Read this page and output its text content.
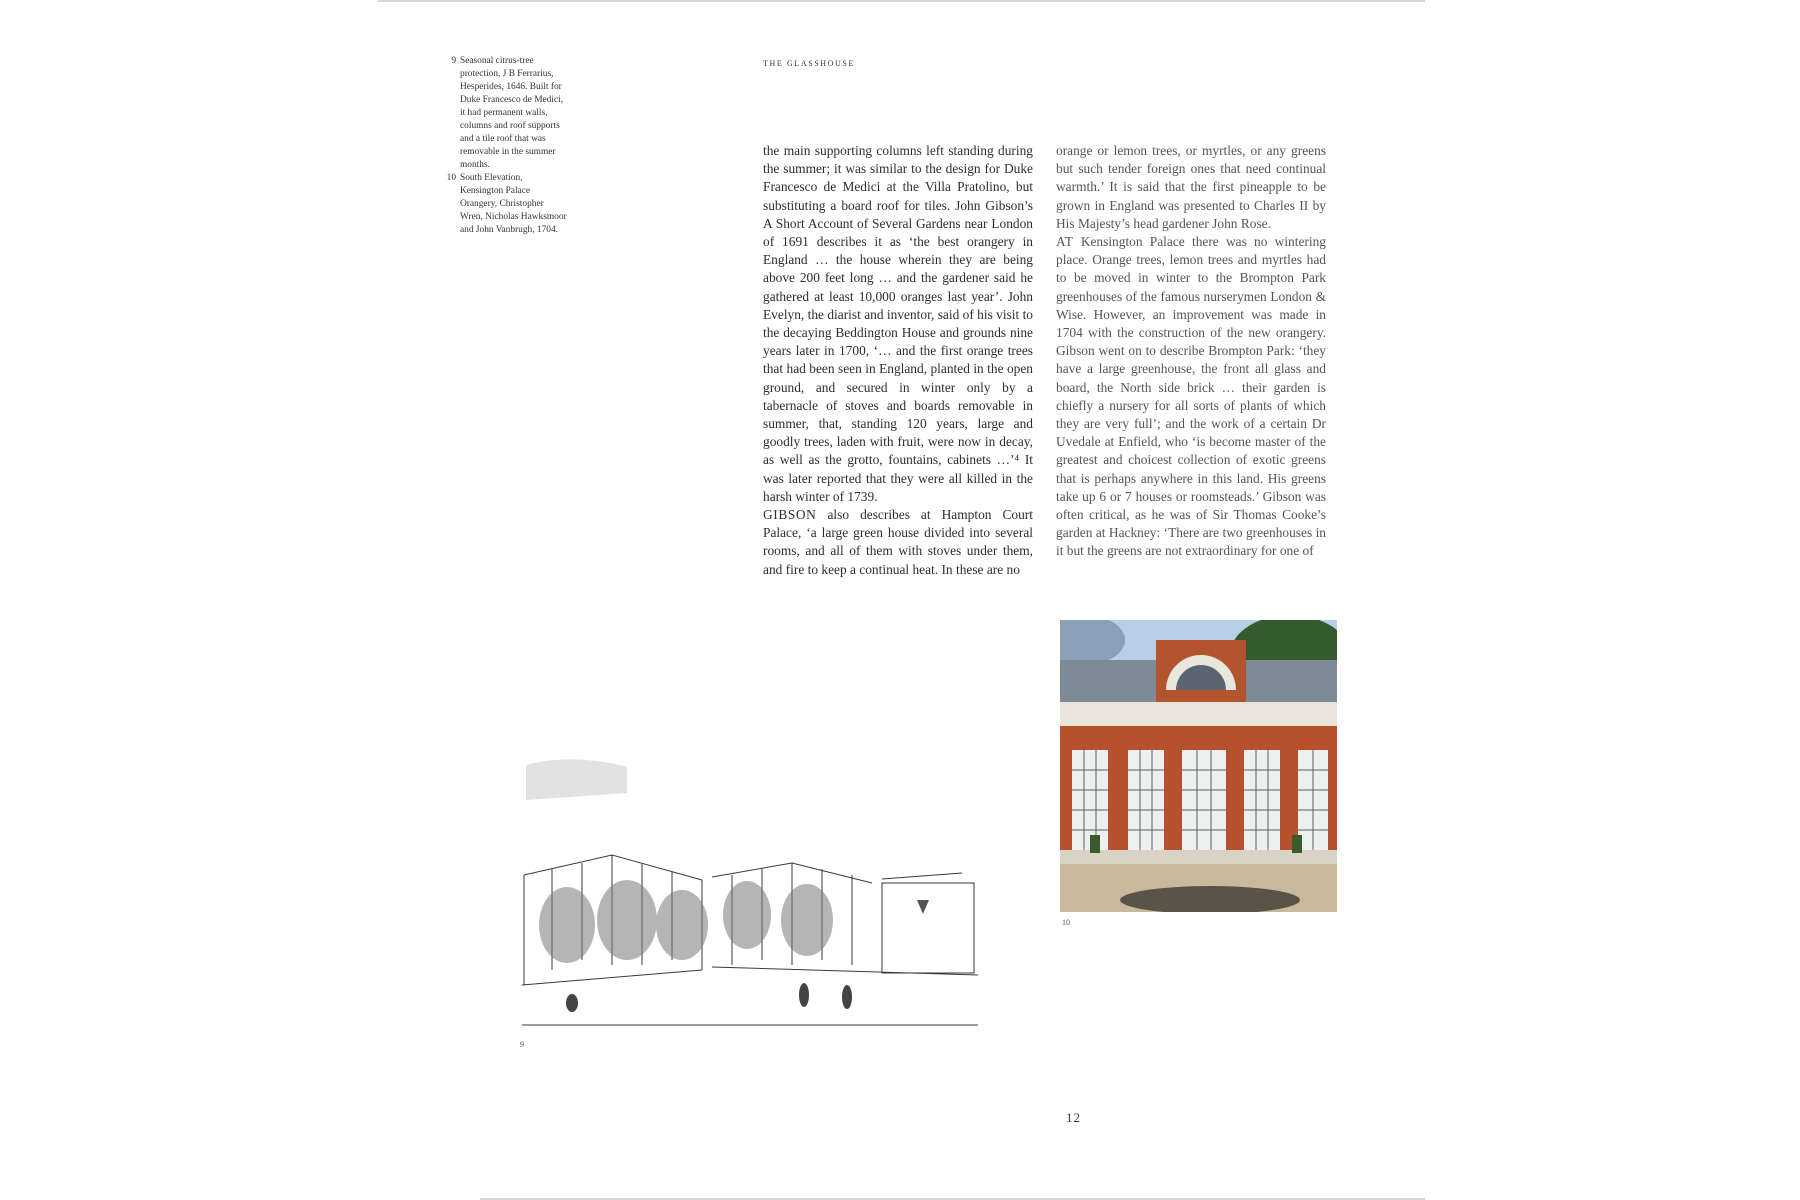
THE GLASSHOUSE
9 Seasonal citrus-tree protection, J B Ferrarius, Hesperides, 1646. Built for Duke Francesco de Medici, it had permanent walls, columns and roof supports and a tile roof that was removable in the summer months.
10 South Elevation, Kensington Palace Orangery, Christopher Wren, Nicholas Hawksmoor and John Vanbrugh, 1704.

the main supporting columns left standing during the summer; it was similar to the design for Duke Francesco de Medici at the Villa Pratolino, but substituting a board roof for tiles. John Gibson’s A Short Account of Several Gardens near London of 1691 describes it as ‘the best orangery in England … the house wherein they are being above 200 feet long … and the gardener said he gathered at least 10,000 oranges last year’. John Evelyn, the diarist and inventor, said of his visit to the decaying Beddington House and grounds nine years later in 1700, ‘… and the first orange trees that had been seen in England, planted in the open ground, and secured in winter only by a tabernacle of stoves and boards removable in summer, that, standing 120 years, large and goodly trees, laden with fruit, were now in decay, as well as the grotto, fountains, cabinets …’⁴ It was later reported that they were all killed in the harsh winter of 1739.

GIBSON also describes at Hampton Court Palace, ‘a large green house divided into several rooms, and all of them with stoves under them, and fire to keep a continual heat. In these are no

orange or lemon trees, or myrtles, or any greens but such tender foreign ones that need continual warmth.’ It is said that the first pineapple to be grown in England was presented to Charles II by His Majesty’s head gardener John Rose.

AT Kensington Palace there was no wintering place. Orange trees, lemon trees and myrtles had to be moved in winter to the Brompton Park greenhouses of the famous nurserymen London & Wise. However, an improvement was made in 1704 with the construction of the new orangery. Gibson went on to describe Brompton Park: ‘they have a large greenhouse, the front all glass and board, the North side brick … their garden is chiefly a nursery for all sorts of plants of which they are very full’; and the work of a certain Dr Uvedale at Enfield, who ‘is become master of the greatest and choicest collection of exotic greens that is perhaps anywhere in this land. His greens take up 6 or 7 houses or roomsteads.’ Gibson was often critical, as he was of Sir Thomas Cooke’s garden at Hackney: ‘There are two greenhouses in it but the greens are not extraordinary for one of

10
9
12
